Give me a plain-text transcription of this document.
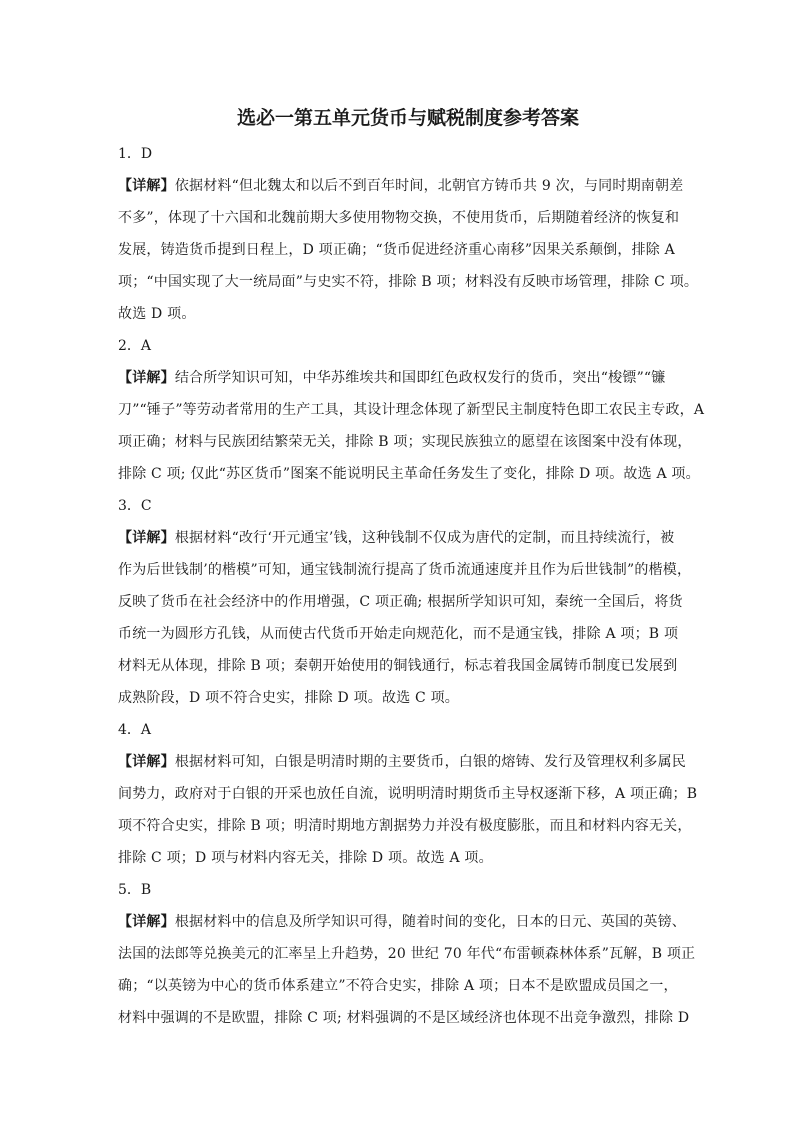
选必一第五单元货币与赋税制度参考答案
1．D
【详解】依据材料“但北魏太和以后不到百年时间，北朝官方铸币共 9 次，与同时期南朝差
不多”，体现了十六国和北魏前期大多使用物物交换，不使用货币，后期随着经济的恢复和
发展，铸造货币提到日程上，D 项正确；“货币促进经济重心南移”因果关系颠倒，排除 A
项；“中国实现了大一统局面”与史实不符，排除 B 项；材料没有反映市场管理，排除 C 项。
故选 D 项。
2．A
【详解】结合所学知识可知，中华苏维埃共和国即红色政权发行的货币，突出“梭镖”“镰
刀”“锤子”等劳动者常用的生产工具，其设计理念体现了新型民主制度特色即工农民主专政，A
项正确；材料与民族团结繁荣无关，排除 B 项；实现民族独立的愿望在该图案中没有体现，
排除 C 项; 仅此“苏区货币”图案不能说明民主革命任务发生了变化，排除 D 项。故选 A 项。
3．C
【详解】根据材料“改行‘开元通宝’钱，这种钱制不仅成为唐代的定制，而且持续流行，被
作为后世钱制’的楷模”可知，通宝钱制流行提高了货币流通速度并且作为后世钱制”的楷模，
反映了货币在社会经济中的作用增强，C 项正确; 根据所学知识可知，秦统一全国后，将货
币统一为圆形方孔钱，从而使古代货币开始走向规范化，而不是通宝钱，排除 A 项；B 项
材料无从体现，排除 B 项；秦朝开始使用的铜钱通行，标志着我国金属铸币制度已发展到
成熟阶段，D 项不符合史实，排除 D 项。故选 C 项。
4．A
【详解】根据材料可知，白银是明清时期的主要货币，白银的熔铸、发行及管理权利多属民
间势力，政府对于白银的开采也放任自流，说明明清时期货币主导权逐渐下移，A 项正确；B
项不符合史实，排除 B 项；明清时期地方割据势力并没有极度膨胀，而且和材料内容无关，
排除 C 项；D 项与材料内容无关，排除 D 项。故选 A 项。
5．B
【详解】根据材料中的信息及所学知识可得，随着时间的变化，日本的日元、英国的英镑、
法国的法郎等兑换美元的汇率呈上升趋势，20 世纪 70 年代“布雷顿森林体系”瓦解，B 项正
确；“以英镑为中心的货币体系建立”不符合史实，排除 A 项；日本不是欧盟成员国之一，
材料中强调的不是欧盟，排除 C 项; 材料强调的不是区域经济也体现不出竞争激烈，排除 D
